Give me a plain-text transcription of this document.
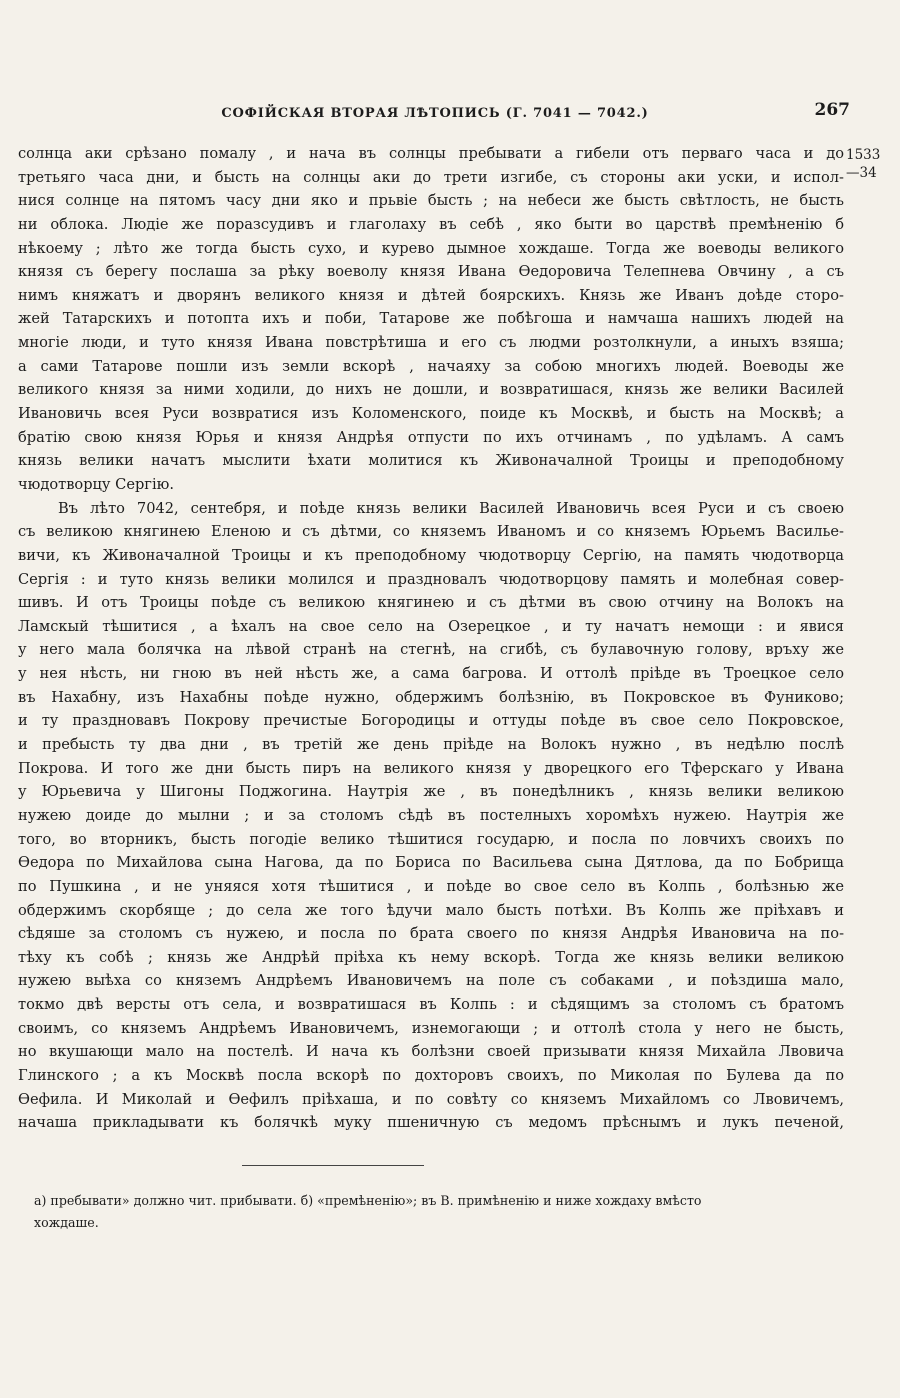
СОФІЙСКАЯ ВТОРАЯ ЛѢТОПИСЬ (Г. 7041 — 7042.)	267
1533
—34
солнца аки срѣзано помалу , и нача въ солнцы пребывати а гибели отъ перваго часа и до
третьяго часа дни, и бысть на солнцы аки до трети изгибе, съ стороны аки уски, и испол-
нися солнце на пятомъ часу дни яко и прьвіе бысть ; на небеси же бысть свѣтлость, не бысть
ни облока. Людіе же поразсудивъ и глаголаху въ себѣ , яко быти во царствѣ премѣненію б
нѣкоему ; лѣто же тогда бысть сухо, и курево дымное хождаше. Тогда же воеводы великого
князя съ берегу послаша за рѣку воеволу князя Ивана Ѳедоровича Телепнева Овчину , а съ
нимъ княжатъ и дворянъ великого князя и дѣтей боярскихъ. Князь же Иванъ доѣде сторо-
жей Татарскихъ и потопта ихъ и поби, Татарове же побѣгоша и намчаша нашихъ людей на
многіе люди, и туто князя Ивана повстрѣтиша и его съ людми розтолкнули, а иныхъ взяша;
а сами Татарове пошли изъ земли вскорѣ , начаяху за собою многихъ людей. Воеводы же
великого князя за ними ходили, до нихъ не дошли, и возвратишася, князь же велики Василей
Ивановичь всея Руси возвратися изъ Коломенского, поиде къ Москвѣ, и бысть на Москвѣ; а
братію свою князя Юрья и князя Андрѣя отпусти по ихъ отчинамъ , по удѣламъ. А самъ
князь велики начатъ мыслити ѣхати молитися къ Живоначалной Троицы и преподобному
чюдотворцу Сергію.
Въ лѣто 7042, сентебря, и поѣде князь велики Василей Ивановичь всея Руси и съ своею
съ великою княгинею Еленою и съ дѣтми, со княземъ Иваномъ и со княземъ Юрьемъ Василье-
вичи, къ Живоначалной Троицы и къ преподобному чюдотворцу Сергію, на память чюдотворца
Сергія : и туто князь велики молился и праздновалъ чюдотворцову память и молебная совер-
шивъ. И отъ Троицы поѣде съ великою княгинею и съ дѣтми въ свою отчину на Волокъ на
Ламскый тѣшитися , а ѣхалъ на свое село на Озерецкое , и ту начатъ немощи : и явися
у него мала болячка на лѣвой странѣ на стегнѣ, на сгибѣ, съ булавочную голову, връху же
у нея нѣсть, ни гною въ ней нѣсть же, а сама багрова. И оттолѣ пріѣде въ Троецкое село
въ Нахабну, изъ Нахабны поѣде нужно, обдержимъ болѣзнію, въ Покровское въ Фуниково;
и ту праздновавъ Покрову пречистые Богородицы и оттуды поѣде въ свое село Покровское,
и пребысть ту два дни , въ третій же день пріѣде на Волокъ нужно , въ недѣлю послѣ
Покрова. И того же дни бысть пиръ на великого князя у дворецкого его Тферскаго у Ивана
у Юрьевича у Шигоны Поджогина. Наутрія же , въ понедѣлникъ , князь велики великою
нужею доиде до мылни ; и за столомъ сѣдѣ въ постелныхъ хоромѣхъ нужею. Наутрія же
того, во вторникъ, бысть погодіе велико тѣшитися государю, и посла по ловчихъ своихъ по
Ѳедора по Михайлова сына Нагова, да по Бориса по Васильева сына Дятлова, да по Бобрища
по Пушкина , и не уняяся хотя тѣшитися , и поѣде во свое село въ Колпь , болѣзнью же
обдержимъ скорбяще ; до села же того ѣдучи мало бысть потѣхи. Въ Колпь же пріѣхавъ и
сѣдяше за столомъ съ нужею, и посла по брата своего по князя Андрѣя Ивановича на по-
тѣху къ собѣ ; князь же Андрѣй пріѣха къ нему вскорѣ. Тогда же князь велики великою
нужею выѣха со княземъ Андрѣемъ Ивановичемъ на поле съ собаками , и поѣздиша мало,
токмо двѣ версты отъ села, и возвратишася въ Колпь : и сѣдящимъ за столомъ съ братомъ
своимъ, со княземъ Андрѣемъ Ивановичемъ, изнемогающи ; и оттолѣ стола у него не бысть,
но вкушающи мало на постелѣ. И нача къ болѣзни своей призывати князя Михайла Лвовича
Глинского ; а къ Москвѣ посла вскорѣ по дохторовъ своихъ, по Миколая по Булева да по
Ѳефила. И Миколай и Ѳефилъ пріѣхаша, и по совѣту со княземъ Михайломъ со Лвовичемъ,
начаша прикладывати къ болячкѣ муку пшеничную съ медомъ прѣснымъ и лукъ печеной,
а) пребывати» должно чит. прибывати. б) «премѣненію»; въ В. примѣненію и ниже хождаху вмѣсто
хождаше.
